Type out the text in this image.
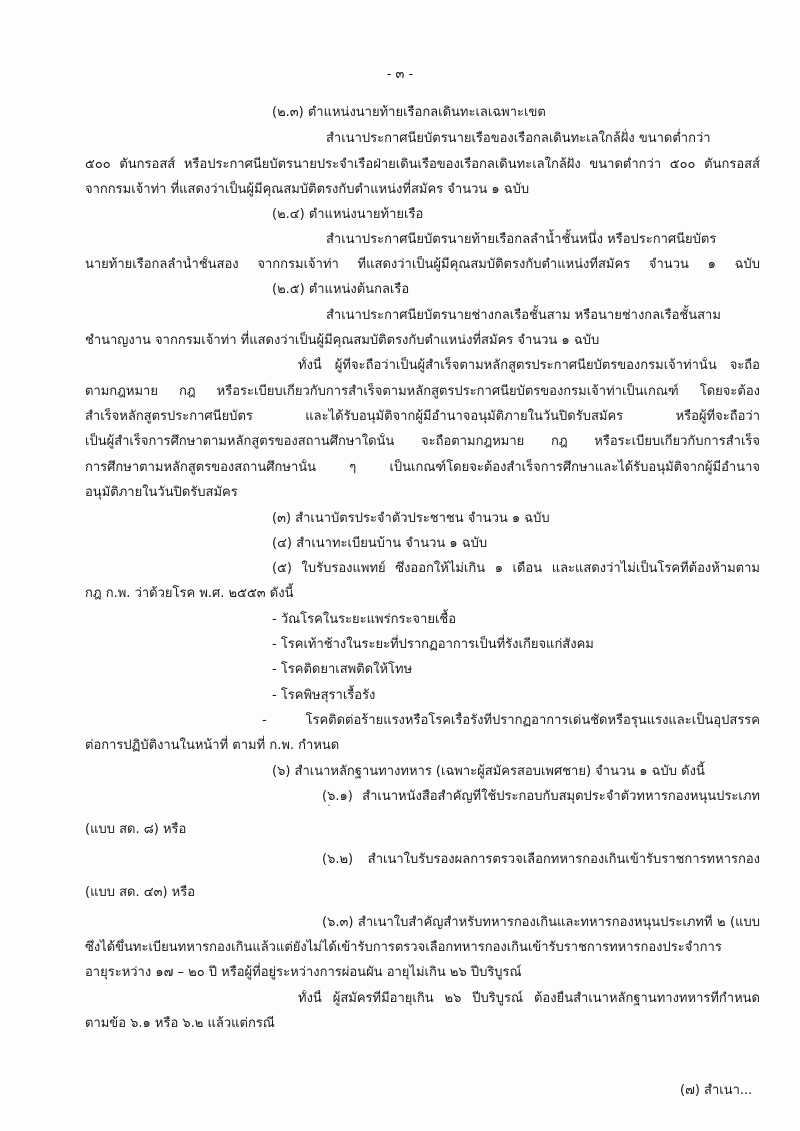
- ๓ -
(๒.๓) ตำแหน่งนายท้ายเรือกลเดินทะเลเฉพาะเขต
สำเนาประกาศนียบัตรนายเรือของเรือกลเดินทะเลใกล้ฝั่ง ขนาดต่ำกว่า
๕๐๐ ตันกรอสส์ หรือประกาศนียบัตรนายประจำเรือฝ่ายเดินเรือของเรือกลเดินทะเลใกล้ฝั่ง ขนาดต่ำกว่า ๕๐๐ ตันกรอสส์
จากกรมเจ้าท่า ที่แสดงว่าเป็นผู้มีคุณสมบัติตรงกับตำแหน่งที่สมัคร จำนวน ๑ ฉบับ
(๒.๔) ตำแหน่งนายท้ายเรือ
สำเนาประกาศนียบัตรนายท้ายเรือกลลำน้ำชั้นหนึ่ง หรือประกาศนียบัตร
นายท้ายเรือกลลำน้ำชั้นสอง จากกรมเจ้าท่า ที่แสดงว่าเป็นผู้มีคุณสมบัติตรงกับตำแหน่งที่สมัคร จำนวน ๑ ฉบับ
(๒.๕) ตำแหน่งต้นกลเรือ
สำเนาประกาศนียบัตรนายช่างกลเรือชั้นสาม หรือนายช่างกลเรือชั้นสาม
ชำนาญงาน จากกรมเจ้าท่า ที่แสดงว่าเป็นผู้มีคุณสมบัติตรงกับตำแหน่งที่สมัคร จำนวน ๑ ฉบับ
ทั้งนี้ ผู้ที่จะถือว่าเป็นผู้สำเร็จตามหลักสูตรประกาศนียบัตรของกรมเจ้าท่านั้น จะถือ
ตามกฎหมาย กฎ หรือระเบียบเกี่ยวกับการสำเร็จตามหลักสูตรประกาศนียบัตรของกรมเจ้าท่าเป็นเกณฑ์ โดยจะต้อง
สำเร็จหลักสูตรประกาศนียบัตร และได้รับอนุมัติจากผู้มีอำนาจอนุมัติภายในวันปิดรับสมัคร หรือผู้ที่จะถือว่า
เป็นผู้สำเร็จการศึกษาตามหลักสูตรของสถานศึกษาใดนั้น จะถือตามกฎหมาย กฎ หรือระเบียบเกี่ยวกับการสำเร็จ
การศึกษาตามหลักสูตรของสถานศึกษานั้น ๆ เป็นเกณฑ์โดยจะต้องสำเร็จการศึกษาและได้รับอนุมัติจากผู้มีอำนาจ
อนุมัติภายในวันปิดรับสมัคร
(๓) สำเนาบัตรประจำตัวประชาชน จำนวน ๑ ฉบับ
(๔) สำเนาทะเบียนบ้าน จำนวน ๑ ฉบับ
(๕) ใบรับรองแพทย์ ซึ่งออกให้ไม่เกิน ๑ เดือน และแสดงว่าไม่เป็นโรคที่ต้องห้ามตาม
กฎ ก.พ. ว่าด้วยโรค พ.ศ. ๒๕๕๓ ดังนี้
- วัณโรคในระยะแพร่กระจายเชื้อ
- โรคเท้าช้างในระยะที่ปรากฏอาการเป็นที่รังเกียจแก่สังคม
- โรคติดยาเสพติดให้โทษ
- โรคพิษสุราเรื้อรัง
- โรคติดต่อร้ายแรงหรือโรคเรื้อรังที่ปรากฏอาการเด่นชัดหรือรุนแรงและเป็นอุปสรรค
ต่อการปฏิบัติงานในหน้าที่ ตามที่ ก.พ. กำหนด
(๖) สำเนาหลักฐานทางทหาร (เฉพาะผู้สมัครสอบเพศชาย) จำนวน ๑ ฉบับ ดังนี้
(๖.๑) สำเนาหนังสือสำคัญที่ใช้ประกอบกับสมุดประจำตัวทหารกองหนุนประเภท
(แบบ สด. ๘) หรือ
(๖.๒) สำเนาใบรับรองผลการตรวจเลือกทหารกองเกินเข้ารับราชการทหารกอง
(แบบ สด. ๔๓) หรือ
(๖.๓) สำเนาใบสำคัญสำหรับทหารกองเกินและทหารกองหนุนประเภทที่ ๒ (แบบ
ซึ่งได้ขึ้นทะเบียนทหารกองเกินแล้วแต่ยังไม่ได้เข้ารับการตรวจเลือกทหารกองเกินเข้ารับราชการทหารกองประจำการ
อายุระหว่าง ๑๗ – ๒๐ ปี หรือผู้ที่อยู่ระหว่างการผ่อนผัน อายุไม่เกิน ๒๖ ปีบริบูรณ์
ทั้งนี้ ผู้สมัครที่มีอายุเกิน ๒๖ ปีบริบูรณ์ ต้องยื่นสำเนาหลักฐานทางทหารที่กำหนด
ตามข้อ ๖.๑ หรือ ๖.๒ แล้วแต่กรณี
(๗) สำเนา...
